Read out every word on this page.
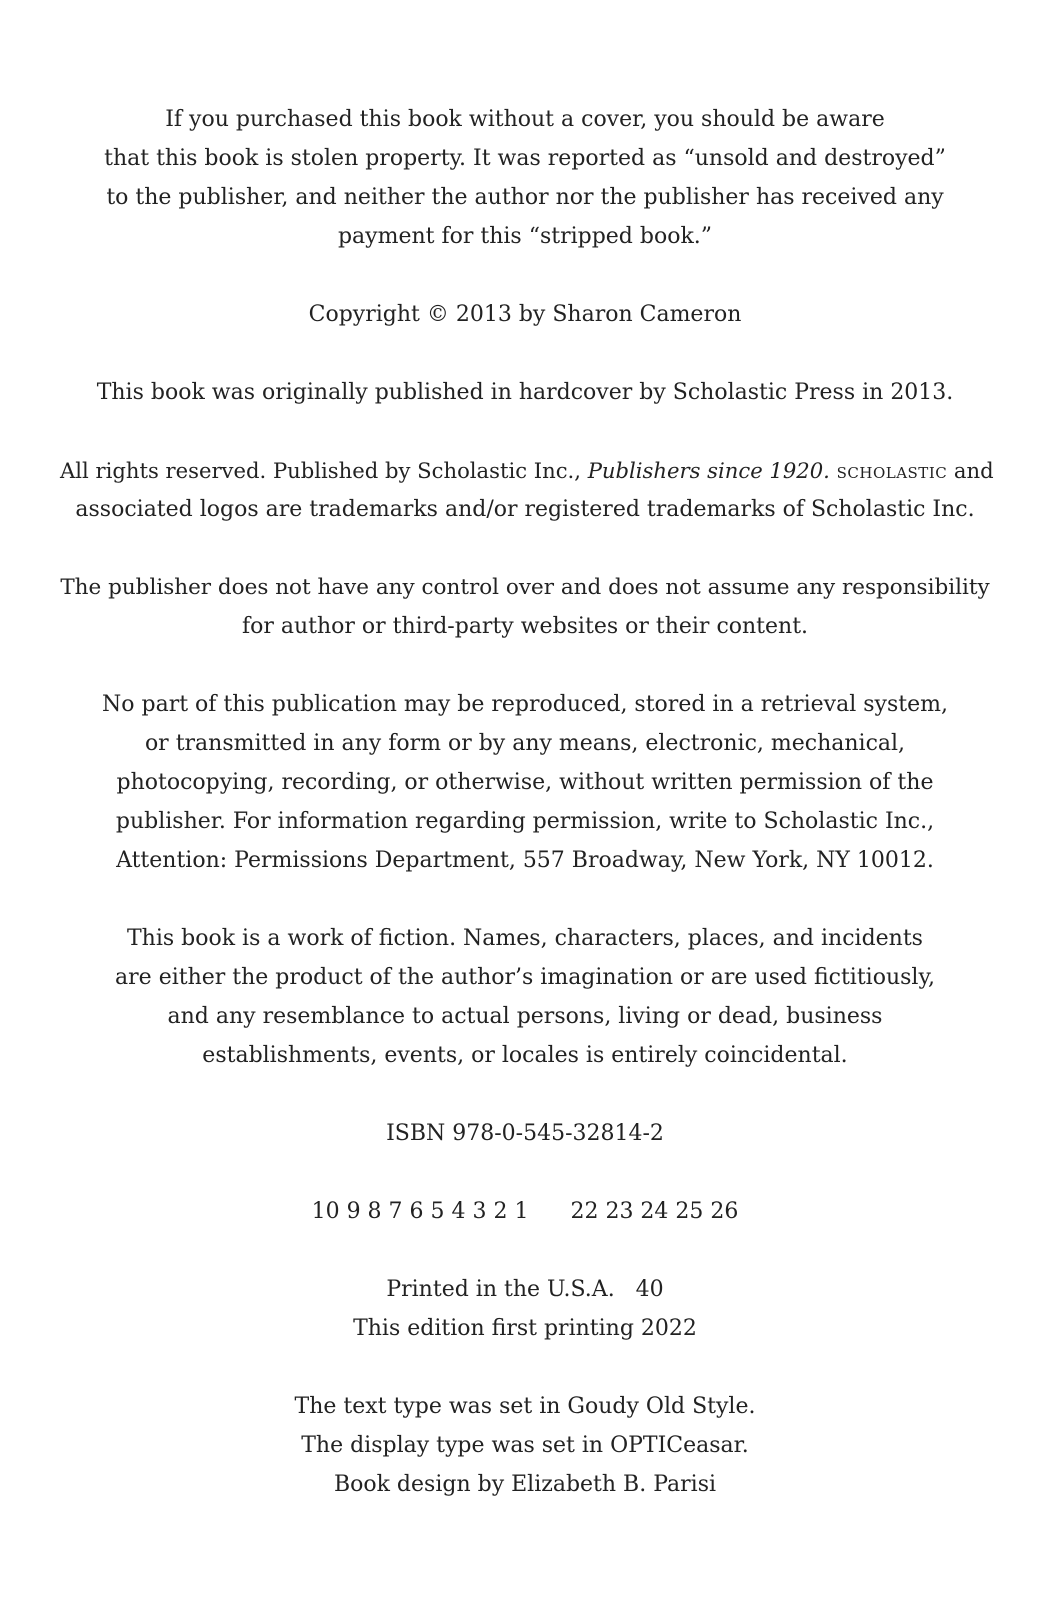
If you purchased this book without a cover, you should be aware
that this book is stolen property. It was reported as “unsold and destroyed”
to the publisher, and neither the author nor the publisher has received any
payment for this “stripped book.”

Copyright © 2013 by Sharon Cameron

This book was originally published in hardcover by Scholastic Press in 2013.

All rights reserved. Published by Scholastic Inc., Publishers since 1920. scholastic and
associated logos are trademarks and/or registered trademarks of Scholastic Inc.

The publisher does not have any control over and does not assume any responsibility
for author or third-party websites or their content.

No part of this publication may be reproduced, stored in a retrieval system,
or transmitted in any form or by any means, electronic, mechanical,
photocopying, recording, or otherwise, without written permission of the
publisher. For information regarding permission, write to Scholastic Inc.,
Attention: Permissions Department, 557 Broadway, New York, NY 10012.

This book is a work of fiction. Names, characters, places, and incidents
are either the product of the author’s imagination or are used fictitiously,
and any resemblance to actual persons, living or dead, business
establishments, events, or locales is entirely coincidental.

ISBN 978-0-545-32814-2

10 9 8 7 6 5 4 3 2 1 22 23 24 25 26

Printed in the U.S.A.   40
This edition first printing 2022

The text type was set in Goudy Old Style.
The display type was set in OPTICeasar.
Book design by Elizabeth B. Parisi
